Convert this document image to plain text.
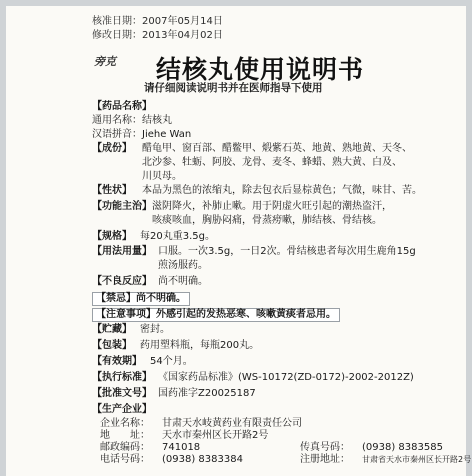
核准日期：2007年05月14日
修改日期：2013年04月02日
旁克 结核丸使用说明书
请仔细阅读说明书并在医师指导下使用
【药品名称】
通用名称：结核丸
汉语拼音：Jiehe Wan
【成份】 醋龟甲、窗百部、醋鳖甲、煅紫石英、地黄、熟地黄、天冬、
北沙参、牡蛎、阿胶、龙骨、麦冬、蜂蜡、熟大黄、白及、
川贝母。
【性状】 本品为黑色的浓缩丸，除去包衣后显棕黄色；气微，味甘、苦。
【功能主治】 滋阴降火，补肺止嗽。用于阴虚火旺引起的潮热盗汗，
咳痰咳血，胸胁闷痛，骨蒸痨嗽，肺结核、骨结核。
【规格】 每20丸重3.5g。
【用法用量】 口服。一次3.5g，一日2次。骨结核患者每次用生鹿角15g
煎汤服药。
【不良反应】 尚不明确。
【禁忌】尚不明确。
【注意事项】外感引起的发热恶寒、咳嗽黄痰者忌用。
【贮藏】 密封。
【包装】 药用塑料瓶，每瓶200丸。
【有效期】 54个月。
【执行标准】 《国家药品标准》(WS-10172(ZD-0172)-2002-2012Z)
【批准文号】 国药准字Z20025187
【生产企业】
企业名称： 甘肃天水岐黄药业有限责任公司
地　　址： 天水市秦州区长开路2号
邮政编码： 741018
电话号码： (0938) 8383384
传真号码： (0938) 8383585
注册地址： 甘肃省天水市秦州区长开路2号
